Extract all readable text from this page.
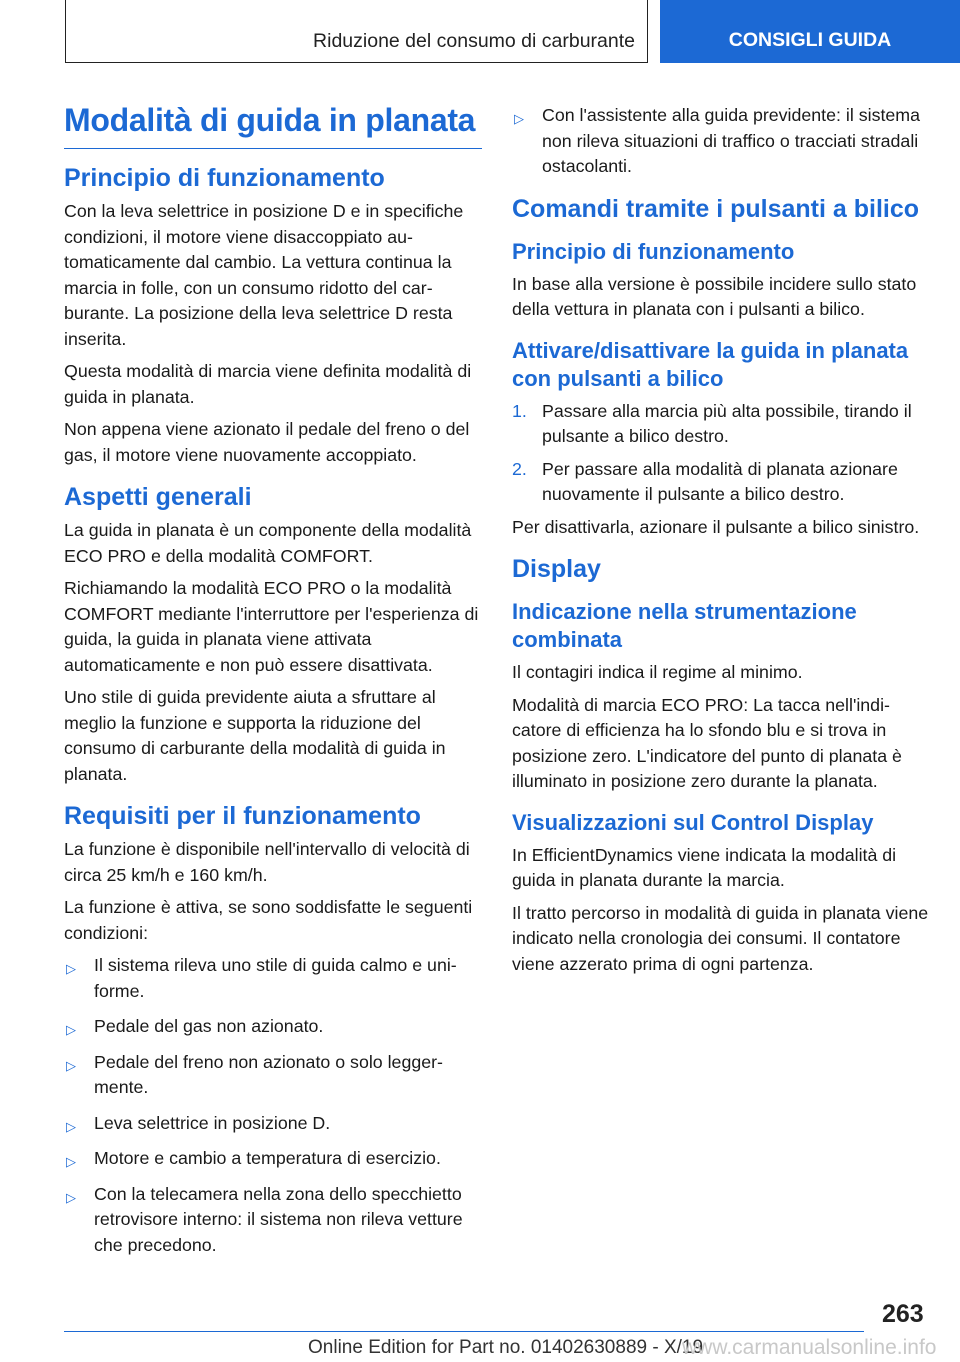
Riduzione del consumo di carburante	CONSIGLI GUIDA
Modalità di guida in planata
Principio di funzionamento

Con la leva selettrice in posizione D e in specifiche condizioni, il motore viene disaccoppiato automaticamente dal cambio. La vettura continua la marcia in folle, con un consumo ridotto del carburante. La posizione della leva selettrice D resta inserita.

Questa modalità di marcia viene definita modalità di guida in planata.

Non appena viene azionato il pedale del freno o del gas, il motore viene nuovamente accoppiato.

Aspetti generali

La guida in planata è un componente della modalità ECO PRO e della modalità COMFORT.

Richiamando la modalità ECO PRO o la modalità COMFORT mediante l'interruttore per l'esperienza di guida, la guida in planata viene attivata automaticamente e non può essere disattivata.

Uno stile di guida previdente aiuta a sfruttare al meglio la funzione e supporta la riduzione del consumo di carburante della modalità di guida in planata.

Requisiti per il funzionamento

La funzione è disponibile nell'intervallo di velocità di circa 25 km/h e 160 km/h.

La funzione è attiva, se sono soddisfatte le seguenti condizioni:

▷ Il sistema rileva uno stile di guida calmo e uniforme.
▷ Pedale del gas non azionato.
▷ Pedale del freno non azionato o solo leggermente.
▷ Leva selettrice in posizione D.
▷ Motore e cambio a temperatura di esercizio.
▷ Con la telecamera nella zona dello specchietto retrovisore interno: il sistema non rileva vetture che precedono.
▷ Con l'assistente alla guida previdente: il sistema non rileva situazioni di traffico o tracciati stradali ostacolanti.
Comandi tramite i pulsanti a bilico
Principio di funzionamento

In base alla versione è possibile incidere sullo stato della vettura in planata con i pulsanti a bilico.

Attivare/disattivare la guida in planata con pulsanti a bilico
1. Passare alla marcia più alta possibile, tirando il pulsante a bilico destro.
2. Per passare alla modalità di planata azionare nuovamente il pulsante a bilico destro.

Per disattivarla, azionare il pulsante a bilico sinistro.

Display
Indicazione nella strumentazione combinata

Il contagiri indica il regime al minimo.

Modalità di marcia ECO PRO: La tacca nell'indicatore di efficienza ha lo sfondo blu e si trova in posizione zero. L'indicatore del punto di planata è illuminato in posizione zero durante la planata.

Visualizzazioni sul Control Display

In EfficientDynamics viene indicata la modalità di guida in planata durante la marcia.

Il tratto percorso in modalità di guida in planata viene indicato nella cronologia dei consumi. Il contatore viene azzerato prima di ogni partenza.

263
Online Edition for Part no. 01402630889 - X/19
www.carmanualsonline.info
